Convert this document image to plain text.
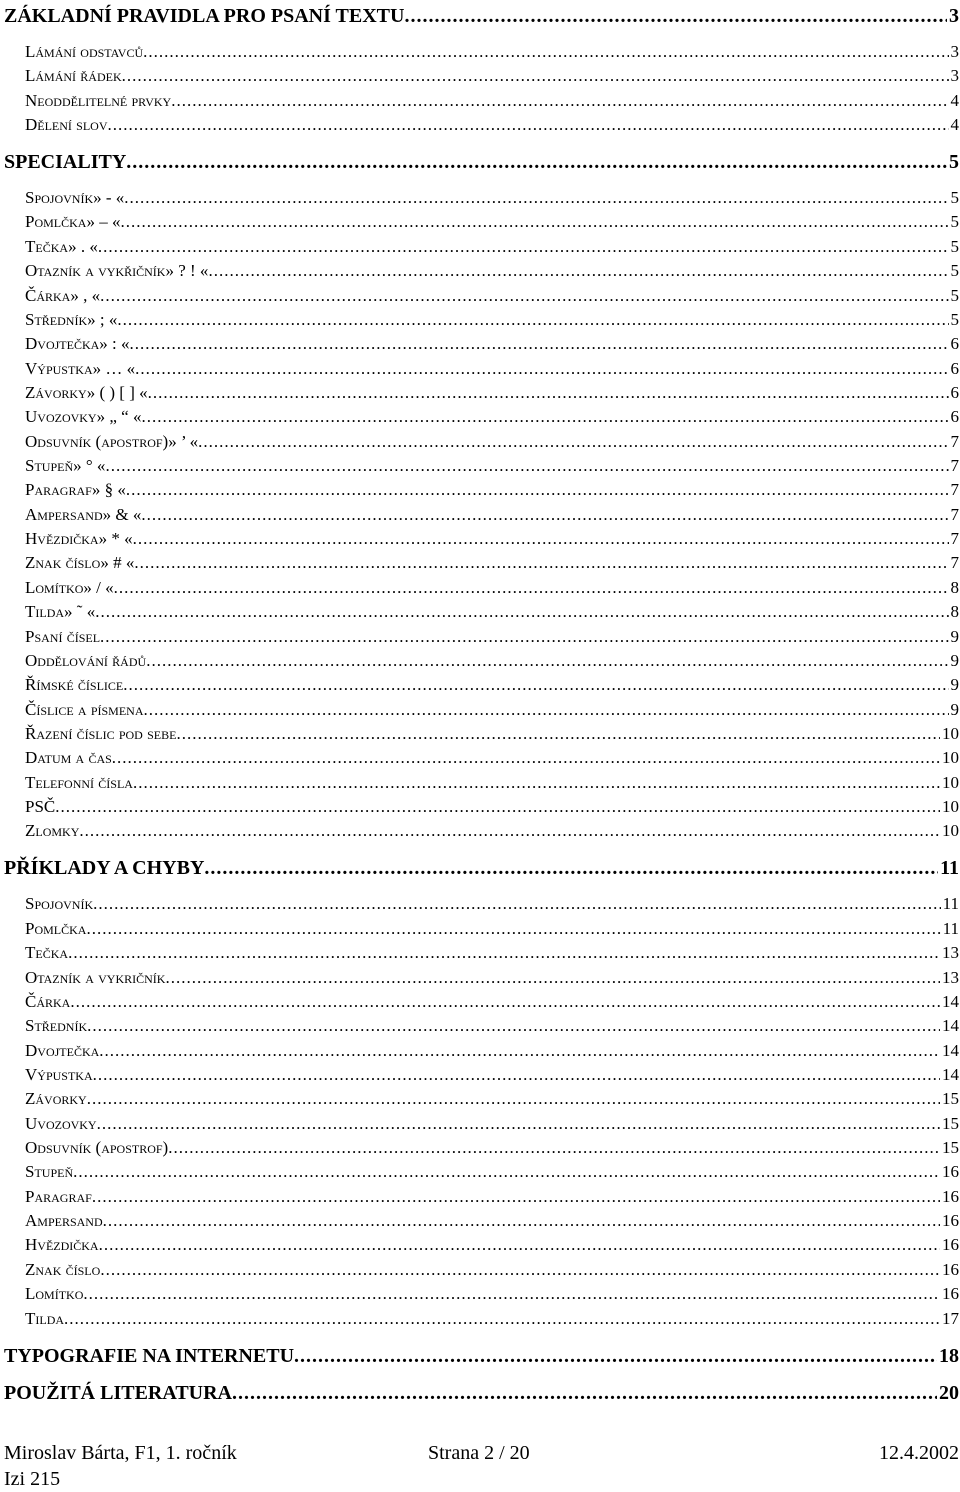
ZÁKLADNÍ PRAVIDLA PRO PSANÍ TEXTU .....	3
Lámání odstavců .....	3
Lámání řádek .....	3
Neoddělitelné prvky .....	4
Dělení slov .....	4
SPECIALITY .....	5
Spojovník» - « .....	5
Pomlčka» – « .....	5
Tečka» . « .....	5
Otazník a vykřičník» ? ! « .....	5
Čárka» , « .....	5
Středník» ; « .....	5
Dvojtečka» : « .....	6
Výpustka» … « .....	6
Závorky» ( ) [ ] « .....	6
Uvozovky» „ “ « .....	6
Odsuvník (apostrof)» ’ « .....	7
Stupeň» ° « .....	7
Paragraf» § « .....	7
Ampersand» & « .....	7
Hvězdička» * « .....	7
Znak číslo» # « .....	7
Lomítko» / « .....	8
Tilda» ˜ « .....	8
Psaní čísel .....	9
Oddělování řádů .....	9
Římské číslice .....	9
Číslice a písmena .....	9
Řazení číslic pod sebe .....	10
Datum a čas .....	10
Telefonní čísla .....	10
PSČ .....	10
Zlomky .....	10
PŘÍKLADY A CHYBY .....	11
Spojovník .....	11
Pomlčka .....	11
Tečka .....	13
Otazník a vykričník .....	13
Čárka .....	14
Středník .....	14
Dvojtečka .....	14
Výpustka .....	14
Závorky .....	15
Uvozovky .....	15
Odsuvník (apostrof) .....	15
Stupeň .....	16
Paragraf .....	16
Ampersand .....	16
Hvězdička .....	16
Znak číslo .....	16
Lomítko .....	16
Tilda .....	17
TYPOGRAFIE NA INTERNETU .....	18
POUŽITÁ LITERATURA .....	20
Miroslav Bárta, F1, 1. ročník	Strana 2 / 20	12.4.2002
Izi 215
